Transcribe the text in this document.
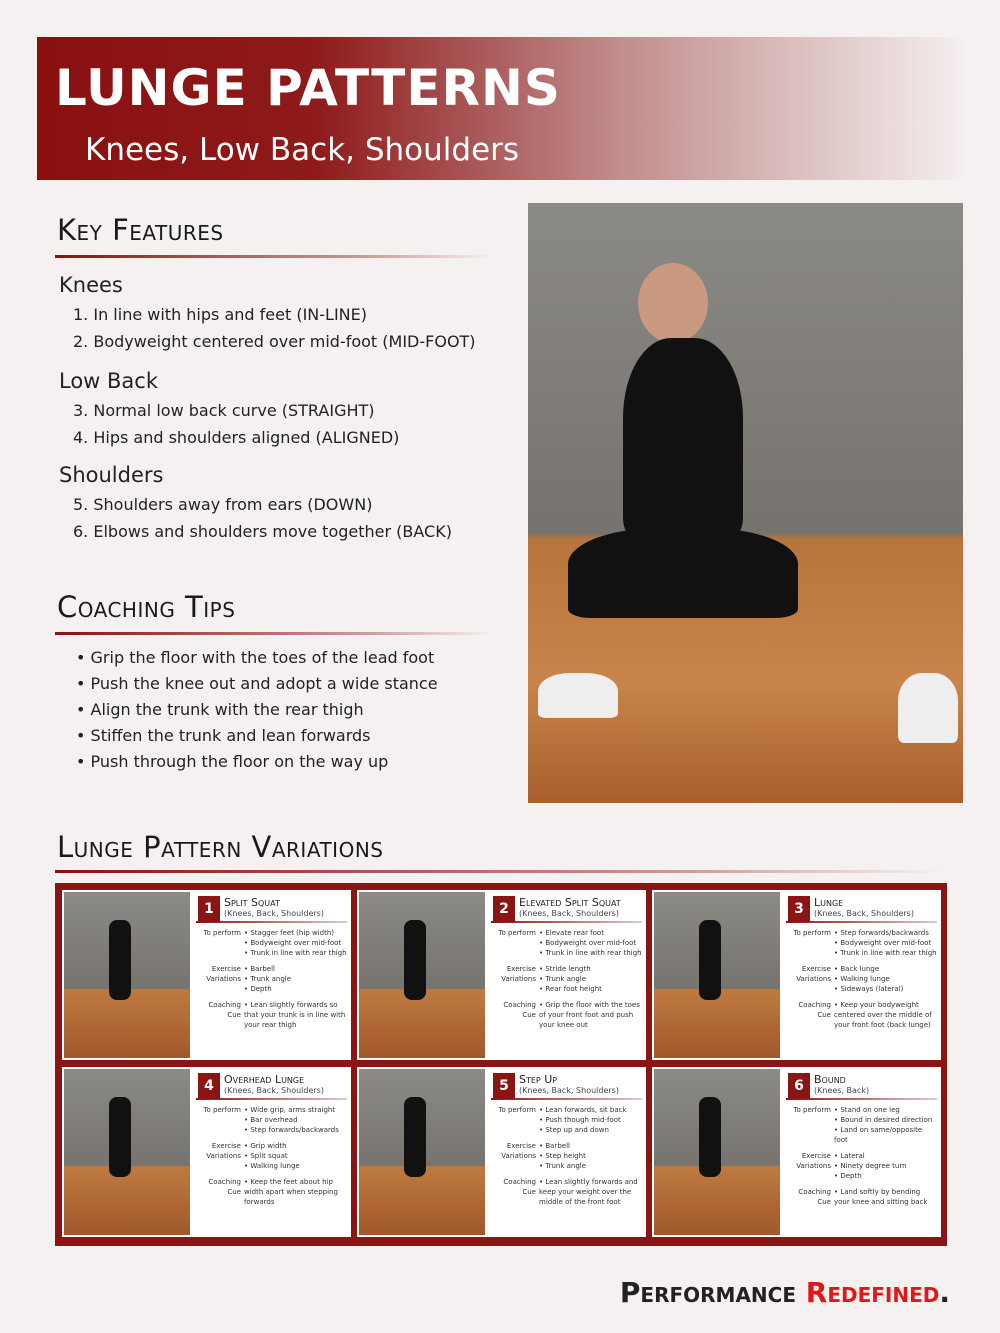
LUNGE PATTERNS
Knees, Low Back, Shoulders
Key Features
Knees
1. In line with hips and feet (IN-LINE)
2. Bodyweight centered over mid-foot (MID-FOOT)
Low Back
3. Normal low back curve (STRAIGHT)
4. Hips and shoulders aligned (ALIGNED)
Shoulders
5. Shoulders away from ears (DOWN)
6. Elbows and shoulders move together (BACK)
Coaching Tips
• Grip the floor with the toes of the lead foot
• Push the knee out and adopt a wide stance
• Align the trunk with the rear thigh
• Stiffen the trunk and lean forwards
• Push through the floor on the way up
Lunge Pattern Variations
1 Split Squat
(Knees, Back, Shoulders)
To perform • Stagger feet (hip width)
• Bodyweight over mid-foot
• Trunk in line with rear thigh
Exercise
Variations
• Barbell
• Trunk angle
• Depth
Coaching
Cue
• Lean slightly forwards so that your trunk is in line with your rear thigh
2 Elevated Split Squat
(Knees, Back, Shoulders)
To perform • Elevate rear foot
• Bodyweight over mid-foot
• Trunk in line with rear thigh
Exercise
Variations
• Stride length
• Trunk angle
• Rear foot height
Coaching
Cue
• Grip the floor with the toes of your front foot and push your knee out
3 Lunge
(Knees, Back, Shoulders)
To perform • Step forwards/backwards
• Bodyweight over mid-foot
• Trunk in line with rear thigh
Exercise
Variations
• Back lunge
• Walking lunge
• Sideways (lateral)
Coaching
Cue
• Keep your bodyweight centered over the middle of your front foot (back lunge)
4 Overhead Lunge
(Knees, Back, Shoulders)
To perform • Wide grip, arms straight
• Bar overhead
• Step forwards/backwards
Exercise
Variations
• Grip width
• Split squat
• Walking lunge
Coaching
Cue
• Keep the feet about hip width apart when stepping forwards
5 Step Up
(Knees, Back, Shoulders)
To perform • Lean forwards, sit back
• Push though mid-foot
• Step up and down
Exercise
Variations
• Barbell
• Step height
• Trunk angle
Coaching
Cue
• Lean slightly forwards and keep your weight over the middle of the front foot
6 Bound
(Knees, Back)
To perform • Stand on one leg
• Bound in desired direction
• Land on same/opposite foot
Exercise
Variations
• Lateral
• Ninety degree turn
• Depth
Coaching
Cue
• Land softly by bending your knee and sitting back
Performance Redefined.
